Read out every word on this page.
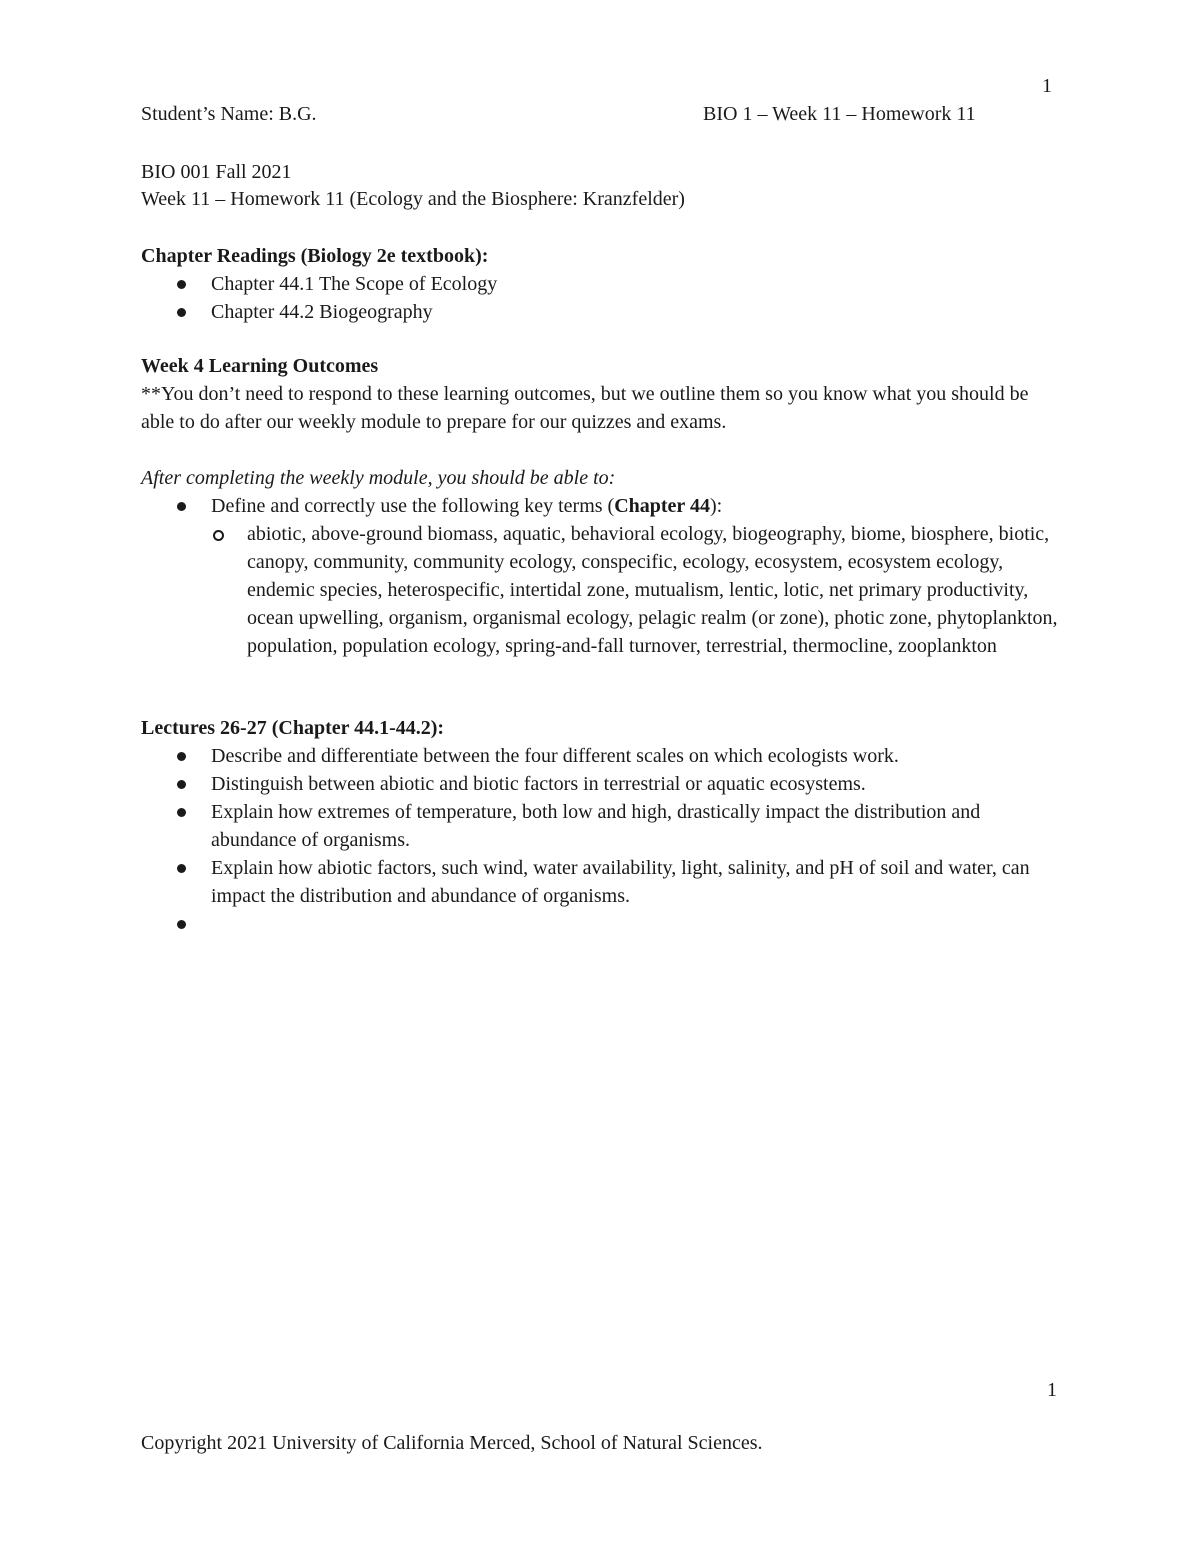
1
Student’s Name: B.G.	BIO 1 – Week 11 – Homework 11
BIO 001 Fall 2021
Week 11 – Homework 11 (Ecology and the Biosphere: Kranzfelder)
Chapter Readings (Biology 2e textbook):
Chapter 44.1 The Scope of Ecology
Chapter 44.2 Biogeography
Week 4 Learning Outcomes
**You don’t need to respond to these learning outcomes, but we outline them so you know what you should be able to do after our weekly module to prepare for our quizzes and exams.
After completing the weekly module, you should be able to:
Define and correctly use the following key terms (Chapter 44):
abiotic, above-ground biomass, aquatic, behavioral ecology, biogeography, biome, biosphere, biotic, canopy, community, community ecology, conspecific, ecology, ecosystem, ecosystem ecology, endemic species, heterospecific, intertidal zone, mutualism, lentic, lotic, net primary productivity, ocean upwelling, organism, organismal ecology, pelagic realm (or zone), photic zone, phytoplankton, population, population ecology, spring-and-fall turnover, terrestrial, thermocline, zooplankton
Lectures 26-27 (Chapter 44.1-44.2):
Describe and differentiate between the four different scales on which ecologists work.
Distinguish between abiotic and biotic factors in terrestrial or aquatic ecosystems.
Explain how extremes of temperature, both low and high, drastically impact the distribution and abundance of organisms.
Explain how abiotic factors, such wind, water availability, light, salinity, and pH of soil and water, can impact the distribution and abundance of organisms.
1
Copyright 2021 University of California Merced, School of Natural Sciences.
